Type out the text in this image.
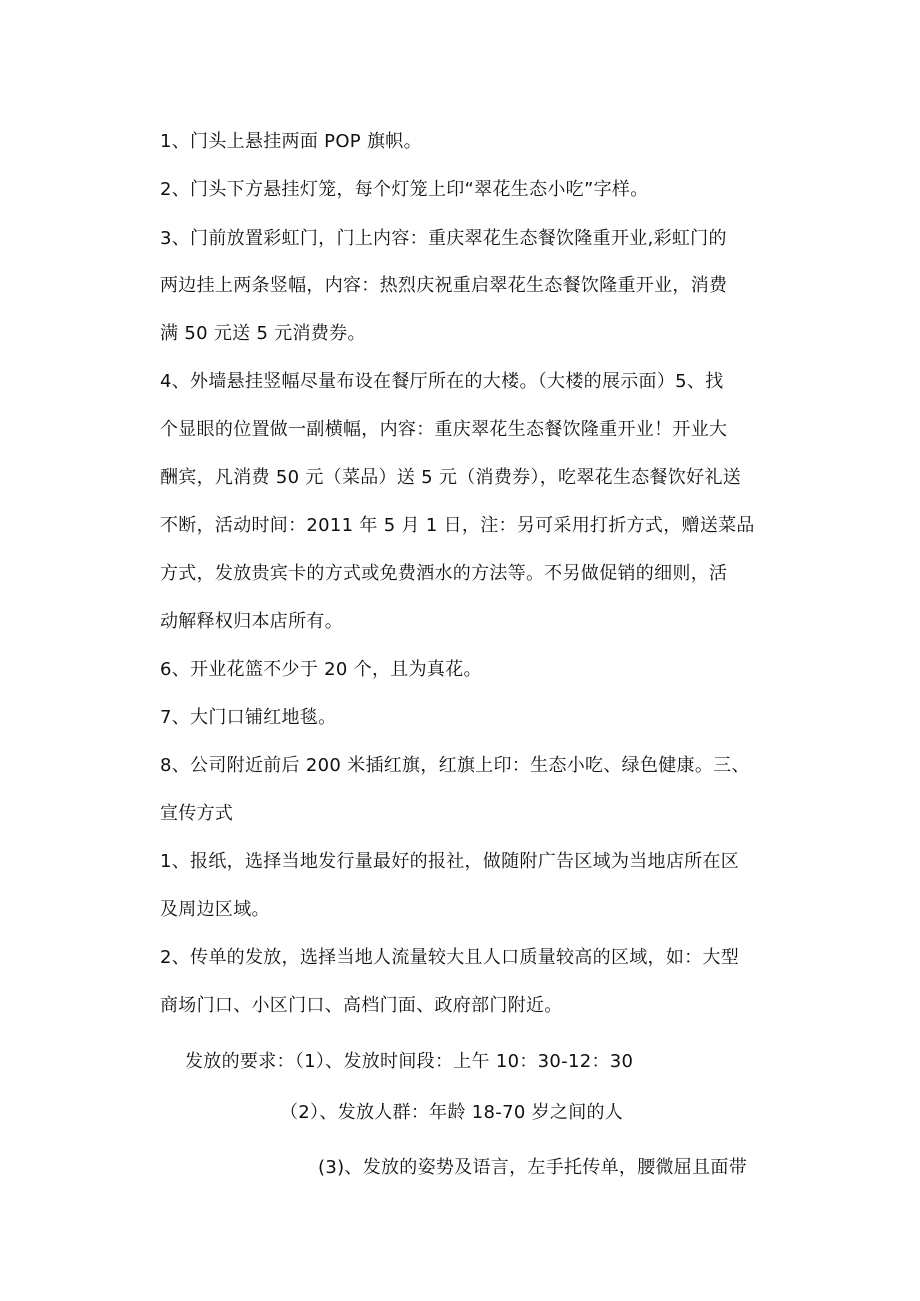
1、门头上悬挂两面 POP 旗帜。
2、门头下方悬挂灯笼，每个灯笼上印“翠花生态小吃”字样。
3、门前放置彩虹门，门上内容：重庆翠花生态餐饮隆重开业,彩虹门的
两边挂上两条竖幅，内容：热烈庆祝重启翠花生态餐饮隆重开业，消费
满 50 元送 5 元消费券。
4、外墙悬挂竖幅尽量布设在餐厅所在的大楼。（大楼的展示面）5、找
个显眼的位置做一副横幅，内容：重庆翠花生态餐饮隆重开业！开业大
酬宾，凡消费 50 元（菜品）送 5 元（消费券），吃翠花生态餐饮好礼送
不断，活动时间：2011 年 5 月 1 日，注：另可采用打折方式，赠送菜品
方式，发放贵宾卡的方式或免费酒水的方法等。不另做促销的细则，活
动解释权归本店所有。
6、开业花篮不少于 20 个，且为真花。
7、大门口铺红地毯。
8、公司附近前后 200 米插红旗，红旗上印：生态小吃、绿色健康。三、
宣传方式
1、报纸，选择当地发行量最好的报社，做随附广告区域为当地店所在区
及周边区域。
2、传单的发放，选择当地人流量较大且人口质量较高的区域，如：大型
商场门口、小区门口、高档门面、政府部门附近。
发放的要求：（1）、发放时间段：上午 10：30-12：30
（2）、发放人群：年龄 18-70 岁之间的人
(3)、发放的姿势及语言，左手托传单，腰微屈且面带
